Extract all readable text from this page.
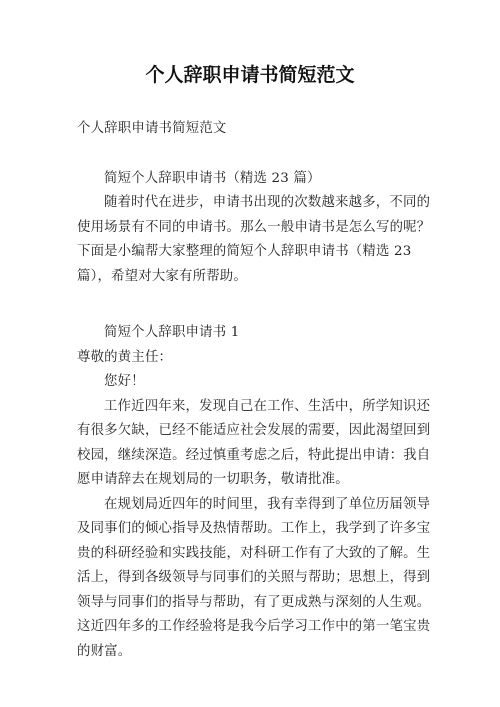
个人辞职申请书简短范文

个人辞职申请书简短范文

简短个人辞职申请书（精选 23 篇）

随着时代在进步，申请书出现的次数越来越多，不同的使用场景有不同的申请书。那么一般申请书是怎么写的呢？下面是小编帮大家整理的简短个人辞职申请书（精选 23 篇），希望对大家有所帮助。

简短个人辞职申请书 1

尊敬的黄主任：

您好！

工作近四年来，发现自己在工作、生活中，所学知识还有很多欠缺，已经不能适应社会发展的需要，因此渴望回到校园，继续深造。经过慎重考虑之后，特此提出申请：我自愿申请辞去在规划局的一切职务，敬请批准。

在规划局近四年的时间里，我有幸得到了单位历届领导及同事们的倾心指导及热情帮助。工作上，我学到了许多宝贵的科研经验和实践技能，对科研工作有了大致的了解。生活上，得到各级领导与同事们的关照与帮助；思想上，得到领导与同事们的指导与帮助，有了更成熟与深刻的人生观。这近四年多的工作经验将是我今后学习工作中的第一笔宝贵的财富。
